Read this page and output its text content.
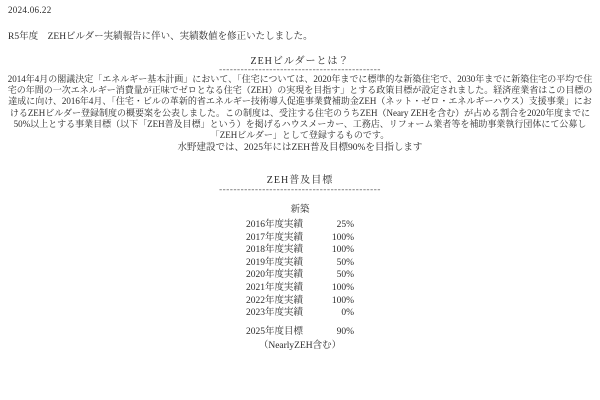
2024.06.22
R5年度　ZEHビルダー実績報告に伴い、実績数値を修正いたしました。
ZEHビルダーとは？
---------------------------------------------
2014年4月の閣議決定「エネルギー基本計画」において、「住宅については、2020年までに標準的な新築住宅で、2030年までに新築住宅の平均で住宅の年間の一次エネルギー消費量が正味でゼロとなる住宅（ZEH）の実現を目指す」とする政策目標が設定されました。経済産業省はこの目標の達成に向け、2016年4月、「住宅・ビルの革新的省エネルギー技術導入促進事業費補助金ZEH（ネット・ゼロ・エネルギーハウス）支援事業」におけるZEHビルダー登録制度の概要案を公表しました。この制度は、受注する住宅のうちZEH（Neary ZEHを含む）が占める割合を2020年度までに50%以上とする事業目標（以下「ZEH普及目標」という）を掲げるハウスメーカー、工務店、リフォーム業者等を補助事業執行団体にて公募し「ZEHビルダー」として登録するものです。
水野建設では、2025年にはZEH普及目標90%を目指します
ZEH普及目標
---------------------------------------------
新築
2016年度実績	25%
2017年度実績	100%
2018年度実績	100%
2019年度実績	50%
2020年度実績	50%
2021年度実績	100%
2022年度実績	100%
2023年度実績	0%
2025年度目標	90%
（NearlyZEH含む）
